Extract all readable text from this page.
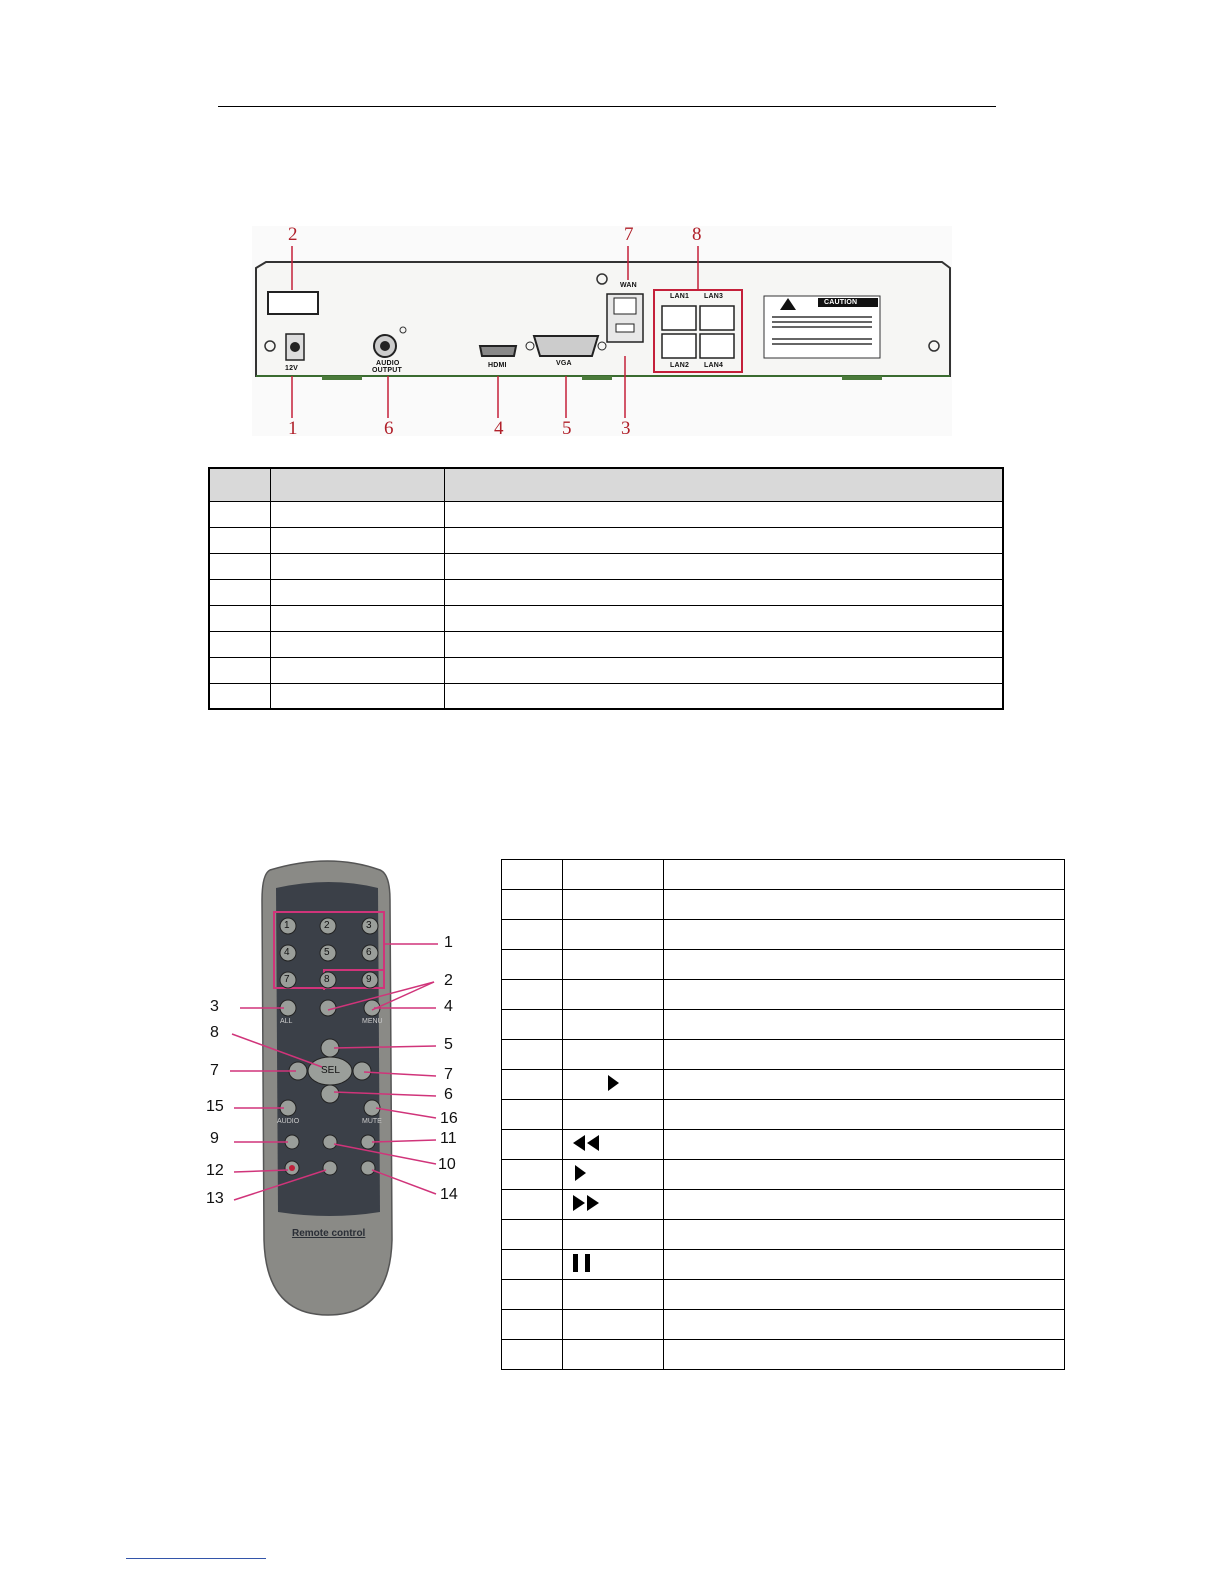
2	7	8
1	6	4	5	3
WAN
LAN1 LAN3
LAN2 LAN4
HDMI	VGA
AUDIO
OUTPUT
12V
CAUTION

1	2	3
4	5	6
7	8	9
ALL	MENU
SEL
AUDIO	MUTE
Remote control
1
2
3	4
8
5
7	7
6
15
16
9	11
10
12
13	14
